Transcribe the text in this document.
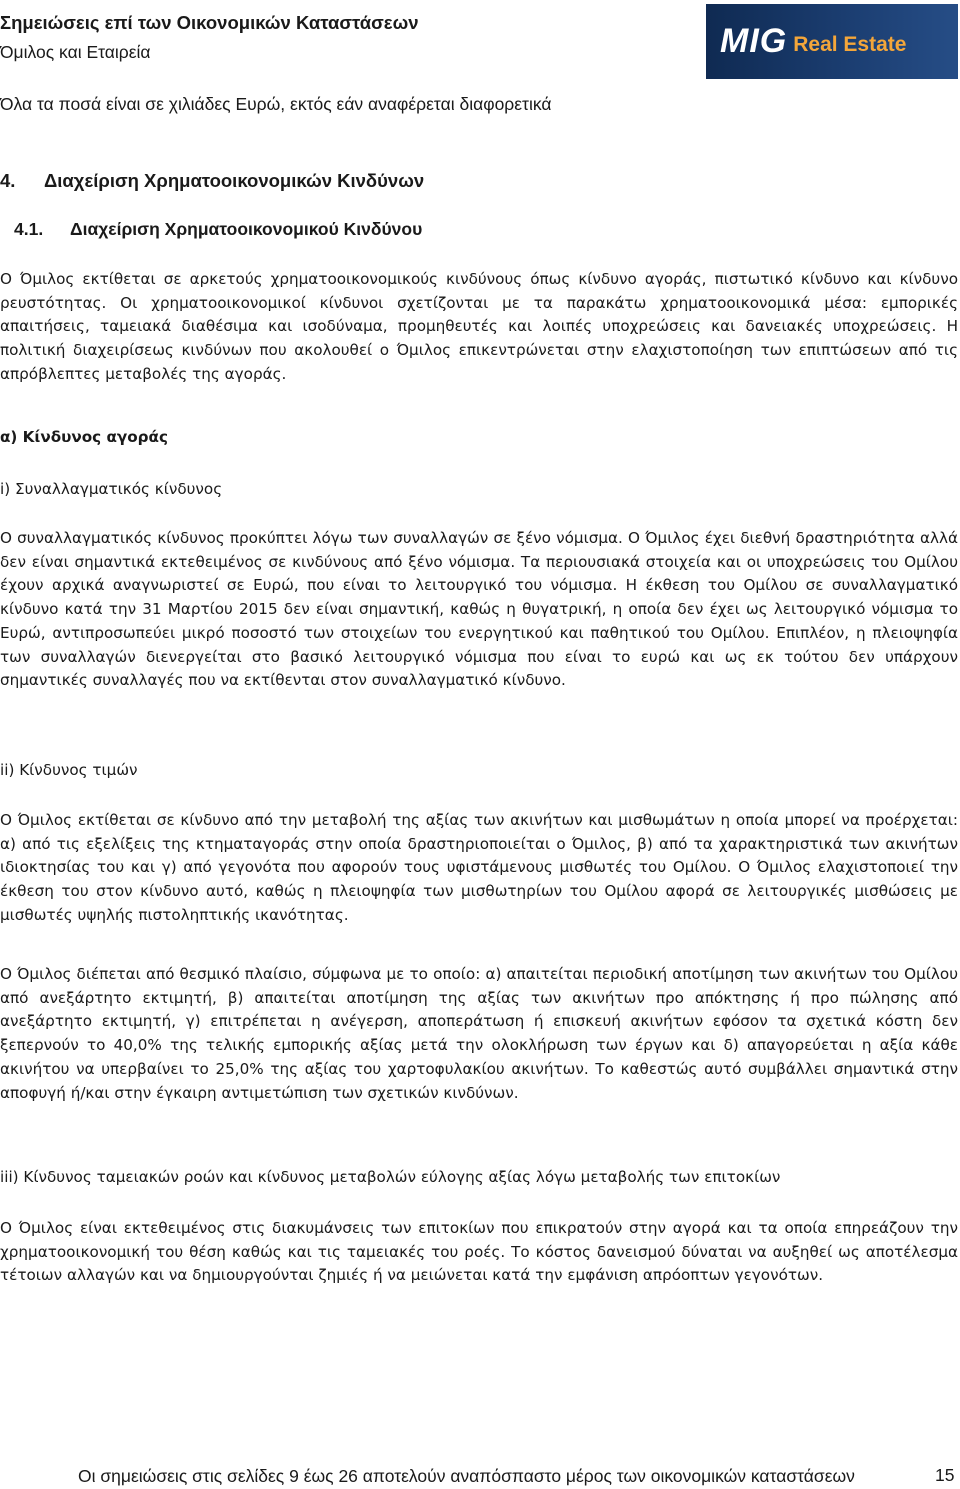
Σημειώσεις επί των Οικονομικών Καταστάσεων
Όμιλος και Εταιρεία
Όλα τα ποσά είναι σε χιλιάδες Ευρώ, εκτός εάν αναφέρεται διαφορετικά
MIG Real Estate
4. Διαχείριση Χρηματοοικονομικών Κινδύνων
4.1. Διαχείριση Χρηματοοικονομικού Κινδύνου

Ο Όμιλος εκτίθεται σε αρκετούς χρηματοοικονομικούς κινδύνους όπως κίνδυνο αγοράς, πιστωτικό κίνδυνο και κίνδυνο ρευστότητας. Οι χρηματοοικονομικοί κίνδυνοι σχετίζονται με τα παρακάτω χρηματοοικονομικά μέσα: εμπορικές απαιτήσεις, ταμειακά διαθέσιμα και ισοδύναμα, προμηθευτές και λοιπές υποχρεώσεις και δανειακές υποχρεώσεις. Η πολιτική διαχειρίσεως κινδύνων που ακολουθεί ο Όμιλος επικεντρώνεται στην ελαχιστοποίηση των επιπτώσεων από τις απρόβλεπτες μεταβολές της αγοράς.

α) Κίνδυνος αγοράς

i) Συναλλαγματικός κίνδυνος

Ο συναλλαγματικός κίνδυνος προκύπτει λόγω των συναλλαγών σε ξένο νόμισμα. Ο Όμιλος έχει διεθνή δραστηριότητα αλλά δεν είναι σημαντικά εκτεθειμένος σε κινδύνους από ξένο νόμισμα. Τα περιουσιακά στοιχεία και οι υποχρεώσεις του Ομίλου έχουν αρχικά αναγνωριστεί σε Ευρώ, που είναι το λειτουργικό του νόμισμα. Η έκθεση του Ομίλου σε συναλλαγματικό κίνδυνο κατά την 31 Μαρτίου 2015 δεν είναι σημαντική, καθώς η θυγατρική, η οποία δεν έχει ως λειτουργικό νόμισμα το Ευρώ, αντιπροσωπεύει μικρό ποσοστό των στοιχείων του ενεργητικού και παθητικού του Ομίλου. Επιπλέον, η πλειοψηφία των συναλλαγών διενεργείται στο βασικό λειτουργικό νόμισμα που είναι το ευρώ και ως εκ τούτου δεν υπάρχουν σημαντικές συναλλαγές που να εκτίθενται στον συναλλαγματικό κίνδυνο.

ii) Κίνδυνος τιμών

Ο Όμιλος εκτίθεται σε κίνδυνο από την μεταβολή της αξίας των ακινήτων και μισθωμάτων η οποία μπορεί να προέρχεται: α) από τις εξελίξεις της κτηματαγοράς στην οποία δραστηριοποιείται ο Όμιλος, β) από τα χαρακτηριστικά των ακινήτων ιδιοκτησίας του και γ) από γεγονότα που αφορούν τους υφιστάμενους μισθωτές του Ομίλου. Ο Όμιλος ελαχιστοποιεί την έκθεση του στον κίνδυνο αυτό, καθώς η πλειοψηφία των μισθωτηρίων του Ομίλου αφορά σε λειτουργικές μισθώσεις με μισθωτές υψηλής πιστοληπτικής ικανότητας.

Ο Όμιλος διέπεται από θεσμικό πλαίσιο, σύμφωνα με το οποίο: α) απαιτείται περιοδική αποτίμηση των ακινήτων του Ομίλου από ανεξάρτητο εκτιμητή, β) απαιτείται αποτίμηση της αξίας των ακινήτων προ απόκτησης ή προ πώλησης από ανεξάρτητο εκτιμητή, γ) επιτρέπεται η ανέγερση, αποπεράτωση ή επισκευή ακινήτων εφόσον τα σχετικά κόστη δεν ξεπερνούν το 40,0% της τελικής εμπορικής αξίας μετά την ολοκλήρωση των έργων και δ) απαγορεύεται η αξία κάθε ακινήτου να υπερβαίνει το 25,0% της αξίας του χαρτοφυλακίου ακινήτων. Το καθεστώς αυτό συμβάλλει σημαντικά στην αποφυγή ή/και στην έγκαιρη αντιμετώπιση των σχετικών κινδύνων.

iii) Κίνδυνος ταμειακών ροών και κίνδυνος μεταβολών εύλογης αξίας λόγω μεταβολής των επιτοκίων

Ο Όμιλος είναι εκτεθειμένος στις διακυμάνσεις των επιτοκίων που επικρατούν στην αγορά και τα οποία επηρεάζουν την χρηματοοικονομική του θέση καθώς και τις ταμειακές του ροές. Το κόστος δανεισμού δύναται να αυξηθεί ως αποτέλεσμα τέτοιων αλλαγών και να δημιουργούνται ζημιές ή να μειώνεται κατά την εμφάνιση απρόοπτων γεγονότων.

Οι σημειώσεις στις σελίδες 9 έως 26 αποτελούν αναπόσπαστο μέρος των οικονομικών καταστάσεων	15
